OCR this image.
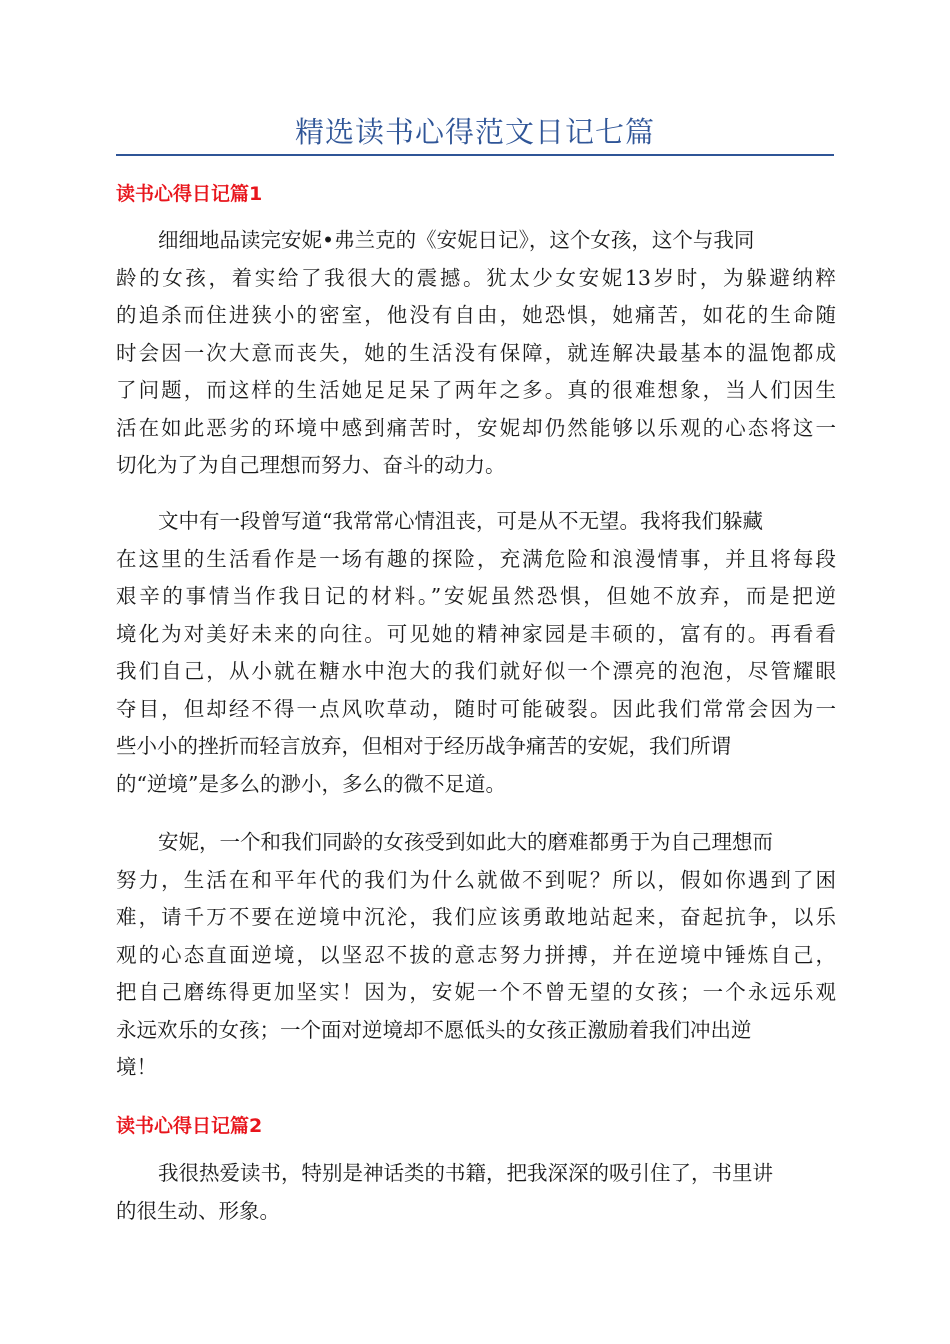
精选读书心得范文日记七篇
读书心得日记篇1
细细地品读完安妮•弗兰克的《安妮日记》，这个女孩，这个与我同
龄的女孩，着实给了我很大的震撼。犹太少女安妮13岁时，为躲避纳粹
的追杀而住进狭小的密室，他没有自由，她恐惧，她痛苦，如花的生命随
时会因一次大意而丧失，她的生活没有保障，就连解决最基本的温饱都成
了问题，而这样的生活她足足呆了两年之多。真的很难想象，当人们因生
活在如此恶劣的环境中感到痛苦时，安妮却仍然能够以乐观的心态将这一
切化为了为自己理想而努力、奋斗的动力。
文中有一段曾写道“我常常心情沮丧，可是从不无望。我将我们躲藏
在这里的生活看作是一场有趣的探险，充满危险和浪漫情事，并且将每段
艰辛的事情当作我日记的材料。”安妮虽然恐惧，但她不放弃，而是把逆
境化为对美好未来的向往。可见她的精神家园是丰硕的，富有的。再看看
我们自己，从小就在糖水中泡大的我们就好似一个漂亮的泡泡，尽管耀眼
夺目，但却经不得一点风吹草动，随时可能破裂。因此我们常常会因为一
些小小的挫折而轻言放弃，但相对于经历战争痛苦的安妮，我们所谓
的“逆境”是多么的渺小，多么的微不足道。
安妮，一个和我们同龄的女孩受到如此大的磨难都勇于为自己理想而
努力，生活在和平年代的我们为什么就做不到呢？所以，假如你遇到了困
难，请千万不要在逆境中沉沦，我们应该勇敢地站起来，奋起抗争，以乐
观的心态直面逆境，以坚忍不拔的意志努力拼搏，并在逆境中锤炼自己，
把自己磨练得更加坚实！因为，安妮一个不曾无望的女孩；一个永远乐观
永远欢乐的女孩；一个面对逆境却不愿低头的女孩正激励着我们冲出逆
境！
读书心得日记篇2
我很热爱读书，特别是神话类的书籍，把我深深的吸引住了，书里讲
的很生动、形象。
